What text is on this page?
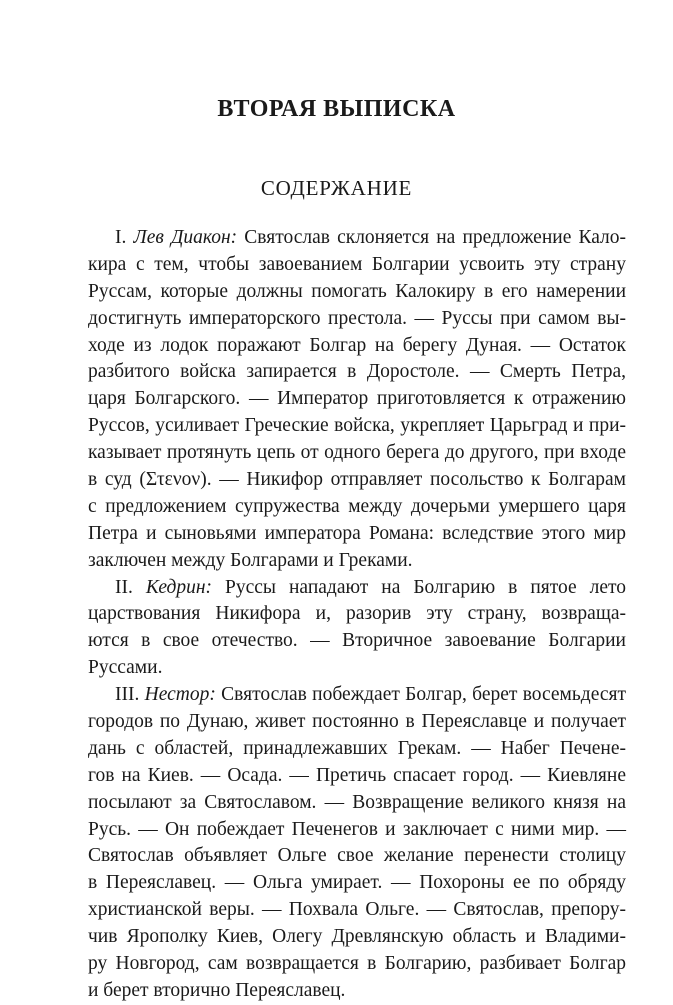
ВТОРАЯ ВЫПИСКА
СОДЕРЖАНИЕ
I. Лев Диакон: Святослав склоняется на предложение Кало-
кира с тем, чтобы завоеванием Болгарии усвоить эту страну
Руссам, которые должны помогать Калокиру в его намерении
достигнуть императорского престола. — Руссы при самом вы-
ходе из лодок поражают Болгар на берегу Дуная. — Остаток
разбитого войска запирается в Доростоле. — Смерть Петра,
царя Болгарского. — Император приготовляется к отражению
Руссов, усиливает Греческие войска, укрепляет Царьград и при-
казывает протянуть цепь от одного берега до другого, при входе
в суд (Στενον). — Никифор отправляет посольство к Болгарам
с предложением супружества между дочерьми умершего царя
Петра и сыновьями императора Романа: вследствие этого мир
заключен между Болгарами и Греками.
II. Кедрин: Руссы нападают на Болгарию в пятое лето
царствования Никифора и, разорив эту страну, возвраща-
ются в свое отечество. — Вторичное завоевание Болгарии
Руссами.
III. Нестор: Святослав побеждает Болгар, берет восемьдесят
городов по Дунаю, живет постоянно в Переяславце и получает
дань с областей, принадлежавших Грекам. — Набег Печене-
гов на Киев. — Осада. — Претичь спасает город. — Киевляне
посылают за Святославом. — Возвращение великого князя на
Русь. — Он побеждает Печенегов и заключает с ними мир. —
Святослав объявляет Ольге свое желание перенести столицу
в Переяславец. — Ольга умирает. — Похороны ее по обряду
христианской веры. — Похвала Ольге. — Святослав, препору-
чив Ярополку Киев, Олегу Древлянскую область и Владими-
ру Новгород, сам возвращается в Болгарию, разбивает Болгар
и берет вторично Переяславец.
